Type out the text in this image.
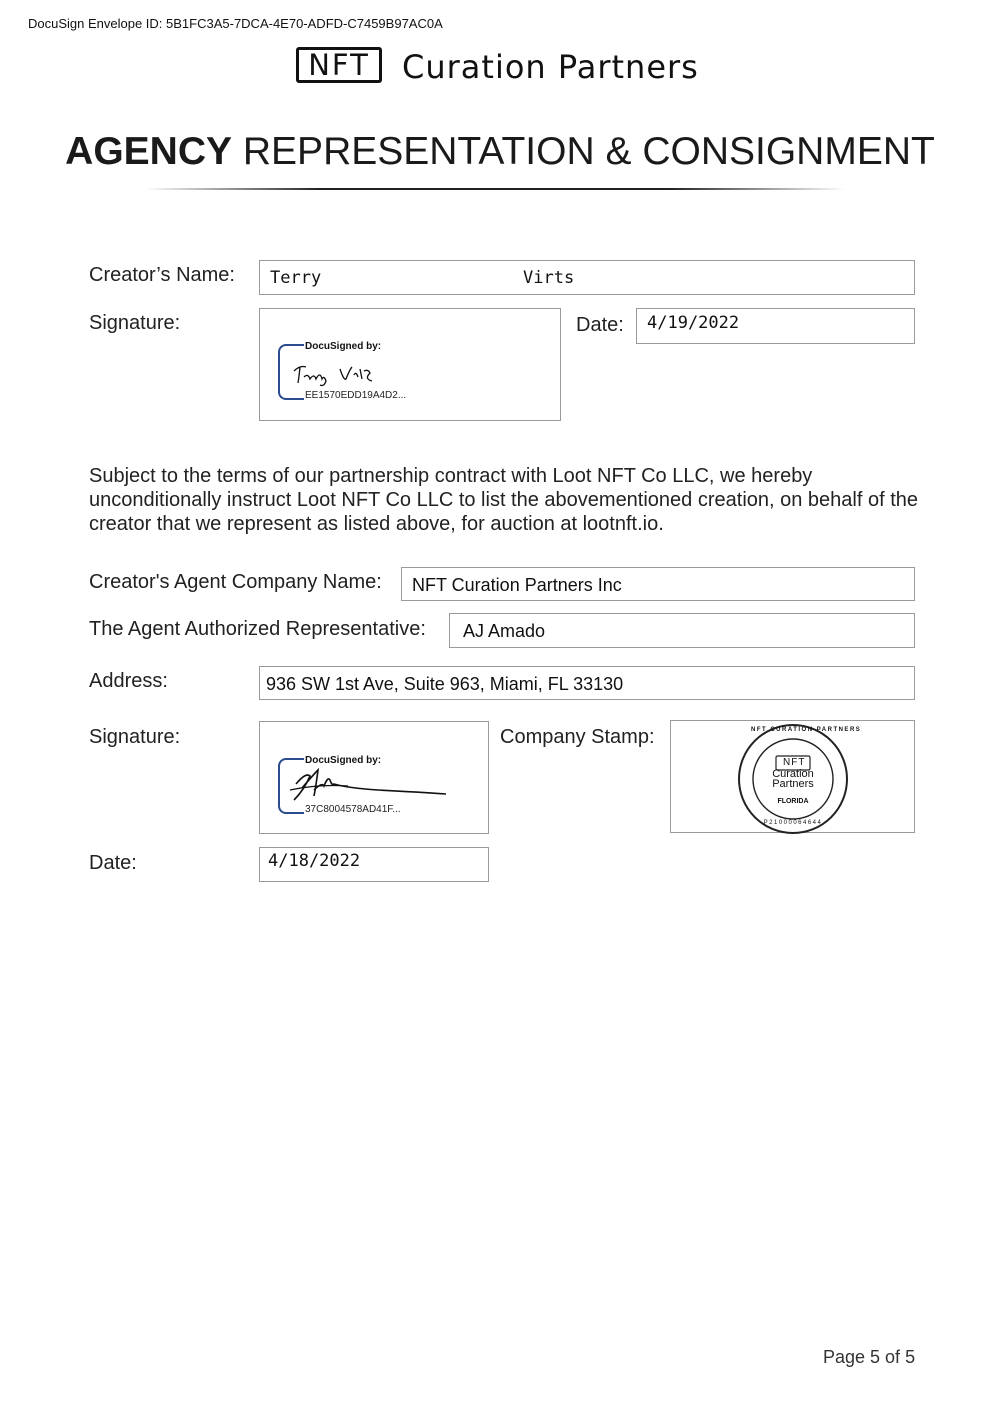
DocuSign Envelope ID: 5B1FC3A5-7DCA-4E70-ADFD-C7459B97AC0A
NFT	Curation Partners
AGENCY REPRESENTATION & CONSIGNMENT
Creator’s Name: Terry	Virts
Signature:
DocuSigned by:
EE1570EDD19A4D2...
Date:	4/19/2022
Subject to the terms of our partnership contract with Loot NFT Co LLC, we hereby unconditionally instruct Loot NFT Co LLC to list the abovementioned creation, on behalf of the creator that we represent as listed above, for auction at lootnft.io.
Creator's Agent Company Name:	NFT Curation Partners Inc
The Agent Authorized Representative:	AJ Amado
Address:	936 SW 1st Ave, Suite 963, Miami, FL 33130
Signature:
DocuSigned by:
37C8004578AD41F...
Company Stamp:
NFT
Curation
Partners
FLORIDA
NFT CURATION PARTNERS
P21000064644
Date:	4/18/2022
Page 5 of 5
